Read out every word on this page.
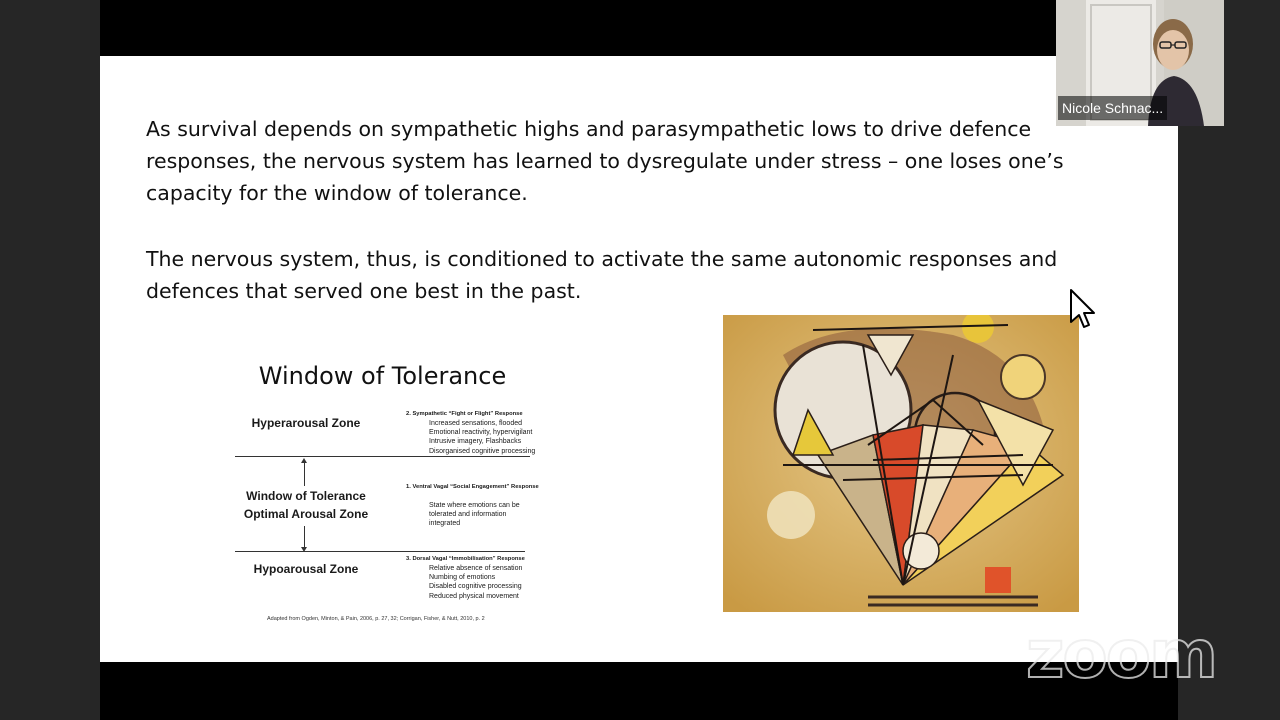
As survival depends on sympathetic highs and parasympathetic lows to drive defence responses, the nervous system has learned to dysregulate under stress – one loses one’s capacity for the window of tolerance.

The nervous system, thus, is conditioned to activate the same autonomic responses and defences that served one best in the past.

Window of Tolerance
Hyperarousal Zone
Window of Tolerance
Optimal Arousal Zone
Hypoarousal Zone
2. Sympathetic “Fight or Flight” Response
Increased sensations, flooded
Emotional reactivity, hypervigilant
Intrusive imagery, Flashbacks
Disorganised cognitive processing
1. Ventral Vagal “Social Engagement” Response
State where emotions can be
tolerated and information
integrated
3. Dorsal Vagal “Immobilisation” Response
Relative absence of sensation
Numbing of emotions
Disabled cognitive processing
Reduced physical movement
Adapted from Ogden, Minton, & Pain, 2006, p. 27, 32; Corrigan, Fisher, & Nutt, 2010, p. 2
Nicole Schnac...
zoom
